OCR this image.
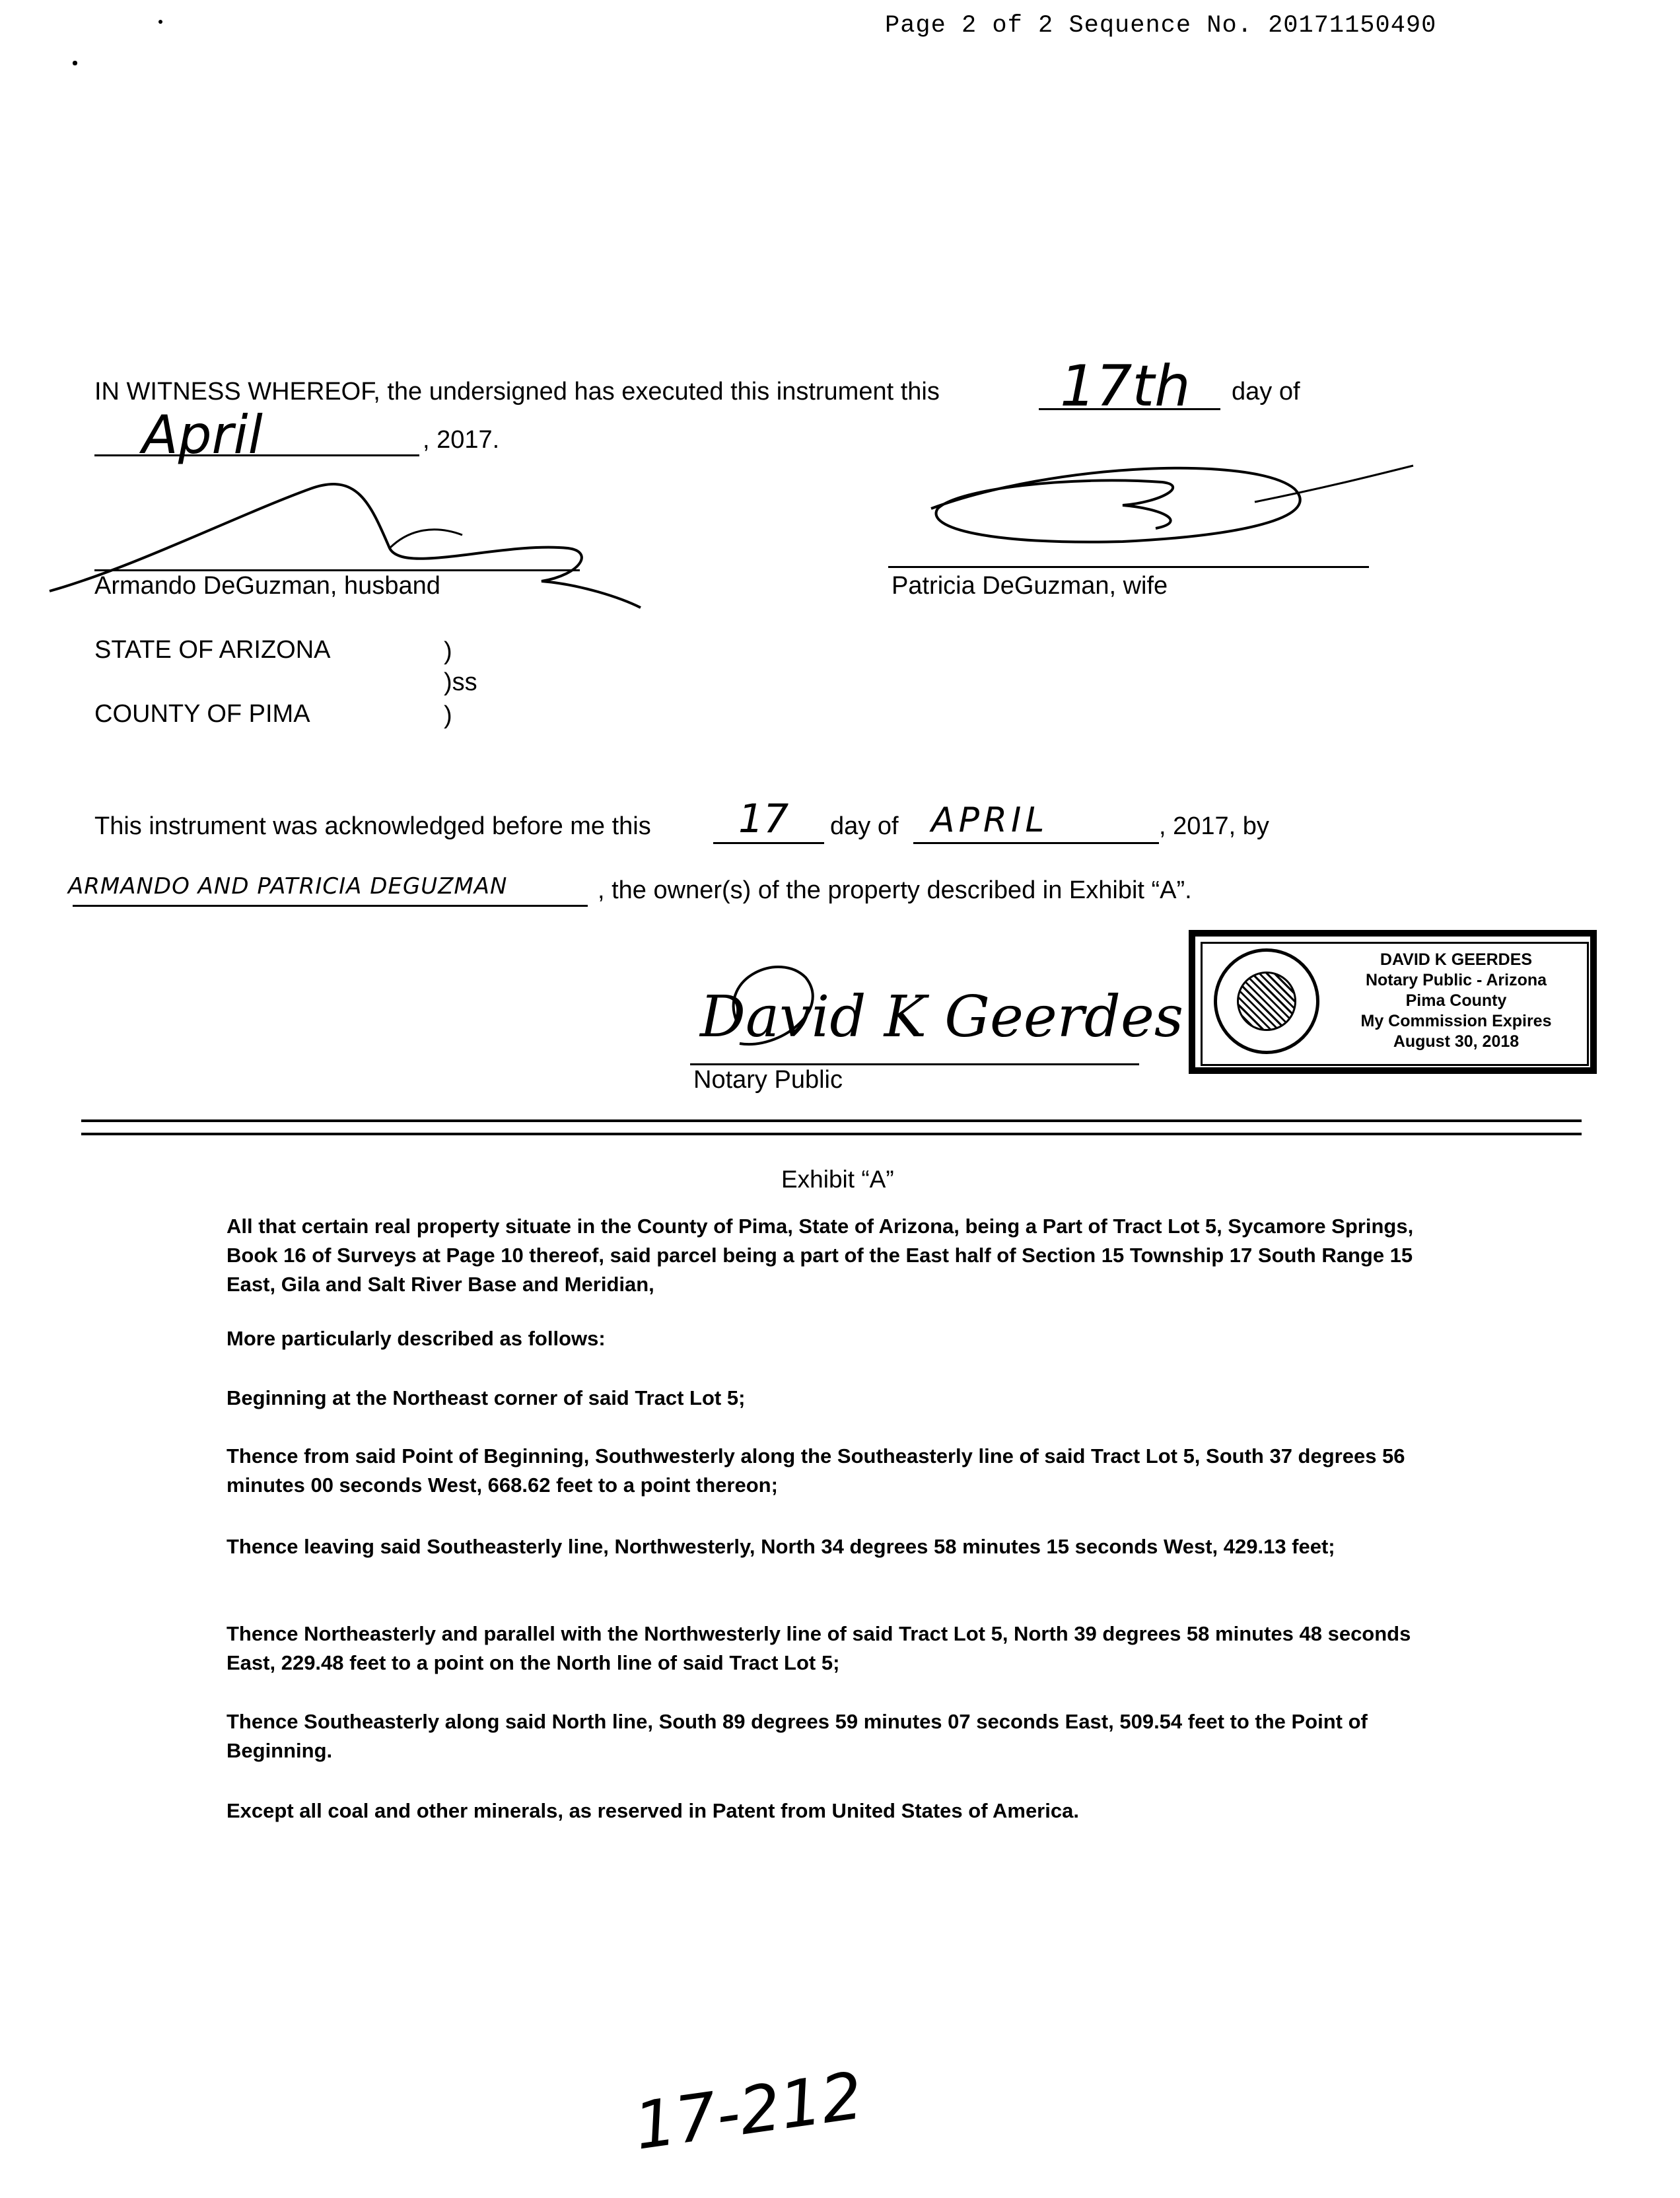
Page 2 of 2 Sequence No. 20171150490
IN WITNESS WHEREOF, the undersigned has executed this instrument this 17th day of
April	, 2017.
Armando DeGuzman, husband	Patricia DeGuzman, wife
STATE OF ARIZONA
COUNTY OF PIMA
)
)ss
)
This instrument was acknowledged before me this 17 day of APRIL	, 2017, by
ARMANDO AND PATRICIA DEGUZMAN	, the owner(s) of the property described in Exhibit “A”.
David K Geerdes
Notary Public
DAVID K GEERDES
Notary Public - Arizona
Pima County
My Commission Expires
August 30, 2018
Exhibit “A”

All that certain real property situate in the County of Pima, State of Arizona, being a Part of Tract Lot 5, Sycamore Springs, Book 16 of Surveys at Page 10 thereof, said parcel being a part of the East half of Section 15 Township 17 South Range 15 East, Gila and Salt River Base and Meridian,

More particularly described as follows:

Beginning at the Northeast corner of said Tract Lot 5;

Thence from said Point of Beginning, Southwesterly along the Southeasterly line of said Tract Lot 5, South 37 degrees 56 minutes 00 seconds West, 668.62 feet to a point thereon;

Thence leaving said Southeasterly line, Northwesterly, North 34 degrees 58 minutes 15 seconds West, 429.13 feet;

Thence Northeasterly and parallel with the Northwesterly line of said Tract Lot 5, North 39 degrees 58 minutes 48 seconds East, 229.48 feet to a point on the North line of said Tract Lot 5;

Thence Southeasterly along said North line, South 89 degrees 59 minutes 07 seconds East, 509.54 feet to the Point of Beginning.

Except all coal and other minerals, as reserved in Patent from United States of America.

17-212
